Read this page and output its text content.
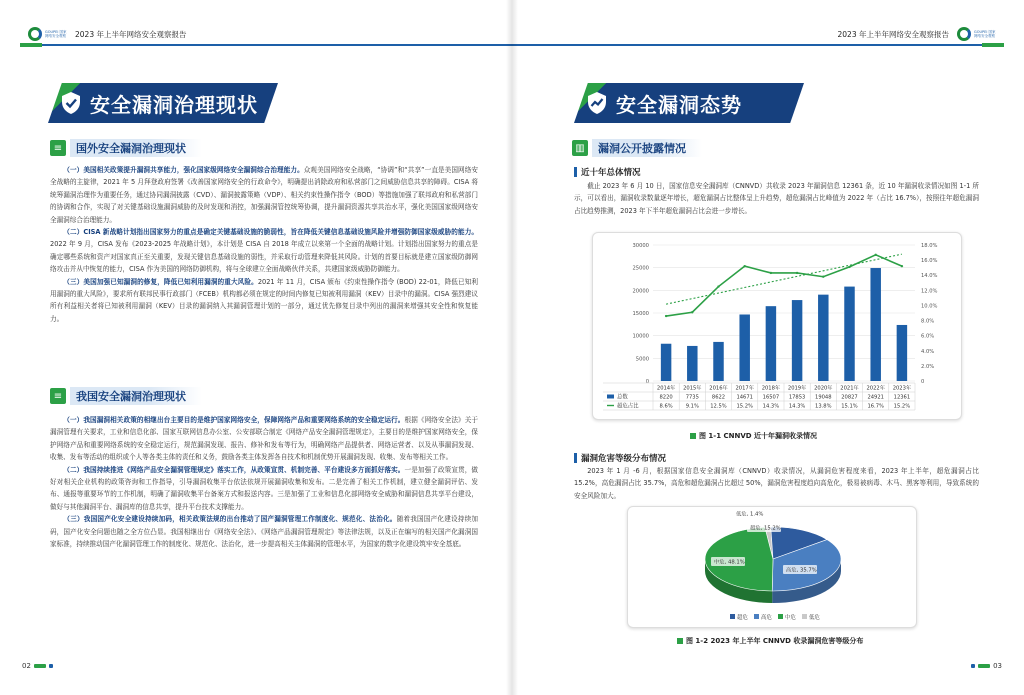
GOUPEI 国家网络安全观察 2023 年上半年网络安全观察报告
安全漏洞治理现状
≡	国外安全漏洞治理现状

  （一）美国相关政策提升漏洞共享能力，强化国家级网络安全漏洞综合治理能力。众观美国网络安全战略，“协调”和“共享”一直是美国网络安全战略的主旋律，2021 年 5 月拜登政府签署《改善国家网络安全的行政命令》，明确提出消除政府和私营部门之间威胁信息共享的障碍。CISA 将统筹漏洞治理作为重要任务，通过协同漏洞披露（CVD）、漏洞披露策略（VDP）、相关约束性操作指令（BOD）等措施加强了联邦政府和私营部门的协调和合作，实现了对关键基础设施漏洞威胁的及时发现和消控，加强漏洞管控统筹协调，提升漏洞资源共享共治水平，强化美国国家级网络安全漏洞综合治理能力。

  （二）CISA 新战略计划指出国家努力的重点是确定关键基础设施的脆弱性，旨在降低关键信息基础设施风险并增强防御国家级威胁的能力。2022 年 9 月，CISA 发布《2023-2025 年战略计划》，本计划是 CISA 自 2018 年成立以来第一个全面的战略计划。计划指出国家努力的重点是确定哪些系统和资产对国家真正至关重要，发现关键信息基础设施的弱性，并采取行动管理来降低其风险。计划的首要目标就是建立国家级防御网络攻击并从中恢复的能力，CISA 作为美国的网络防御机构，将与全球建立全面战略伙伴关系，共建国家级威胁防御能力。

  （三）美国加强已知漏洞的修复，降低已知利用漏洞的重大风险。2021 年 11 月，CISA 颁布《约束性操作指令 (BOD) 22-01，降低已知利用漏洞的重大风险》，要求所有联邦民事行政部门（FCEB）机构都必须在规定的时间内修复已知被利用漏洞（KEV）目录中的漏洞。CISA 强烈建议所有利益相关者将已知被利用漏洞（KEV）目录的漏洞纳入其漏洞管理计划的一部分，通过优先修复目录中列出的漏洞来增强其安全性和恢复能力。

≡	我国安全漏洞治理现状

  （一）我国漏洞相关政策的相继出台主要目的是维护国家网络安全，保障网络产品和重要网络系统的安全稳定运行。根据《网络安全法》关于漏洞管理有关要求，工业和信息化部、国家互联网信息办公室、公安部联合制定《网络产品安全漏洞管理规定》，主要目的是维护国家网络安全，保护网络产品和重要网络系统的安全稳定运行，规范漏洞发现、报告、修补和发布等行为，明确网络产品提供者、网络运营者、以及从事漏洞发现、收集、发布等活动的组织或个人等各类主体的责任和义务，鼓励各类主体发挥各自技术和机制优势开展漏洞发现、收集、发布等相关工作。

  （二）我国持续推进《网络产品安全漏洞管理规定》落实工作，从政策宣贯、机制完善、平台建设多方面抓好落实。一是加强了政策宣贯，做好对相关企业机构的政策咨询和工作指导，引导漏洞收集平台依法依规开展漏洞收集和发布。二是完善了相关工作机制，建立健全漏洞评估、发布、通报等重要环节的工作机制，明确了漏洞收集平台备案方式和报送内容。三是加强了工业和信息化部网络安全威胁和漏洞信息共享平台建设，做好与其他漏洞平台、漏洞库的信息共享，提升平台技术支撑能力。

  （三）我国国产化安全建设持续加码，相关政策法规的出台推动了国产漏洞管理工作制度化、规范化、法治化。随着我国国产化建设持续加码，国产化安全问题也随之全方位凸显。我国相继出台《网络安全法》、《网络产品漏洞管理规定》等法律法规，以及正在编写的相关国产化漏洞国家标准，持续推动国产化漏洞管理工作的制度化、规范化、法治化，进一步提高相关主体漏洞的管理水平，为国家的数字化建设筑牢安全基底。

02
GOUPEI 国家网络安全观察
2023 年上半年网络安全观察报告
安全漏洞态势
▥	漏洞公开披露情况
近十年总体情况

  截止 2023 年 6 月 10 日，国家信息安全漏洞库（CNNVD）共收录 2023 年漏洞信息 12361 条，近 10 年漏洞收录情况如图 1-1 所示，可以看出，漏洞收录数量逐年增长，超危漏洞占比整体呈上升趋势，超危漏洞占比峰值为 2022 年（占比 16.7%），按照往年超危漏洞占比趋势推测，2023 年下半年超危漏洞占比会进一步增长。

0
5000
10000
15000
20000
25000
30000
0
2.0%
4.0%
6.0%
8.0%
10.0%
12.0%
14.0%
16.0%
18.0%
2014年 2015年 2016年 2017年 2018年 2019年 2020年 2021年 2022年 2023年
总数	8220 7735 8622 14671 16507 17853 19048 20827 24921 12361
超危占比	8.6%	9.1% 12.5% 15.2% 14.3% 14.3% 13.8% 15.1% 16.7% 15.2%
图 1-1 CNNVD 近十年漏洞收录情况
漏洞危害等级分布情况

  2023 年 1 月 -6 月，根据国家信息安全漏洞库（CNNVD）收录情况，从漏洞危害程度来看，2023 年上半年，超危漏洞占比 15.2%，高危漏洞占比 35.7%，高危和超危漏洞占比超过 50%，漏洞危害程度趋向高危化，极易被病毒、木马、黑客等利用，导致系统的安全风险加大。

低危, 1.4%
超危, 15.2%
高危, 35.7%
中危, 48.1%
超危 高危 中危 低危
图 1-2 2023 年上半年 CNNVD 收录漏洞危害等级分布
03
